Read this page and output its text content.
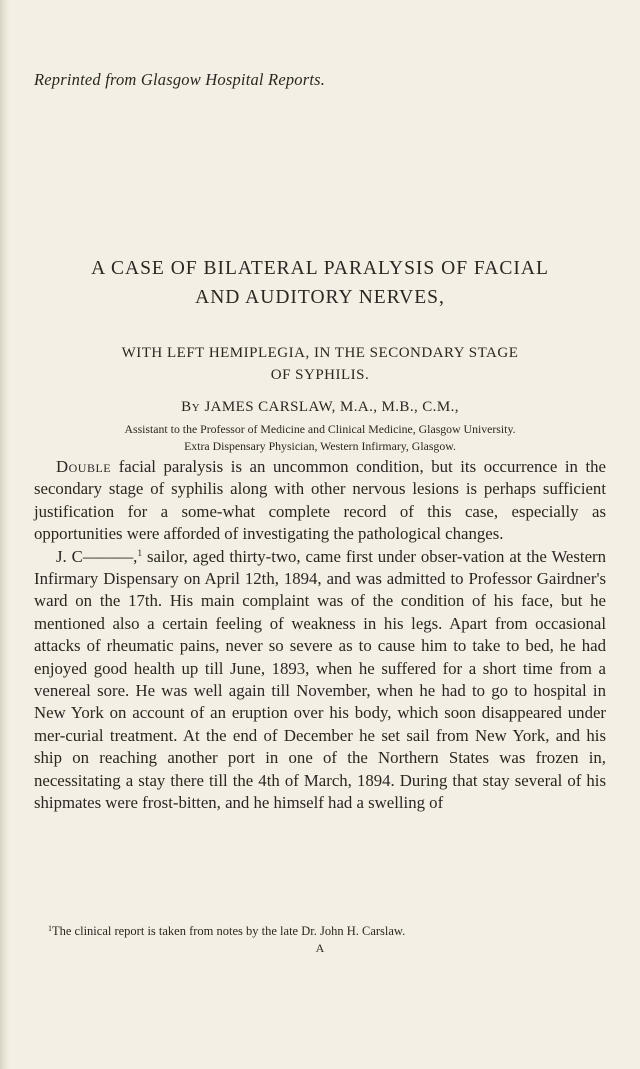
Reprinted from Glasgow Hospital Reports.
A CASE OF BILATERAL PARALYSIS OF FACIAL
AND AUDITORY NERVES,
WITH LEFT HEMIPLEGIA, IN THE SECONDARY STAGE
OF SYPHILIS.
By JAMES CARSLAW, M.A., M.B., C.M.,
Assistant to the Professor of Medicine and Clinical Medicine, Glasgow University.
Extra Dispensary Physician, Western Infirmary, Glasgow.

Double facial paralysis is an uncommon condition, but its occurrence in the secondary stage of syphilis along with other nervous lesions is perhaps sufficient justification for a some-what complete record of this case, especially as opportunities were afforded of investigating the pathological changes.

J. C———,$^1$ sailor, aged thirty-two, came first under obser-vation at the Western Infirmary Dispensary on April 12th, 1894, and was admitted to Professor Gairdner's ward on the 17th. His main complaint was of the condition of his face, but he mentioned also a certain feeling of weakness in his legs. Apart from occasional attacks of rheumatic pains, never so severe as to cause him to take to bed, he had enjoyed good health up till June, 1893, when he suffered for a short time from a venereal sore. He was well again till November, when he had to go to hospital in New York on account of an eruption over his body, which soon disappeared under mer-curial treatment. At the end of December he set sail from New York, and his ship on reaching another port in one of the Northern States was frozen in, necessitating a stay there till the 4th of March, 1894. During that stay several of his shipmates were frost-bitten, and he himself had a swelling of

$^1$The clinical report is taken from notes by the late Dr. John H. Carslaw.
A
